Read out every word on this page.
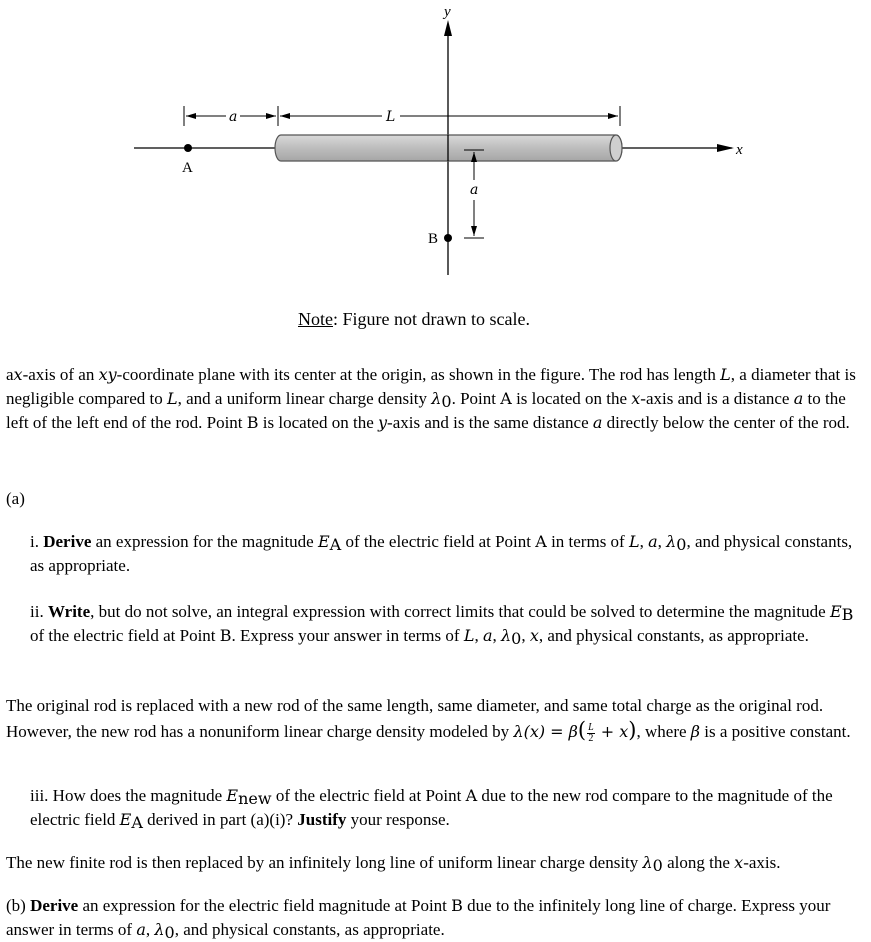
a	L
A
a
B
y
x
Note: Figure not drawn to scale.

ax-axis of an xy-coordinate plane with its center at the origin, as shown in the figure. The rod has length L, a diameter that is negligible compared to L, and a uniform linear charge density $\lambda_0$. Point A is located on the x-axis and is a distance a to the left of the left end of the rod. Point B is located on the y-axis and is the same distance a directly below the center of the rod.

(a)

i. Derive an expression for the magnitude $E_A$ of the electric field at Point A in terms of L, a, $\lambda_0$, and physical constants, as appropriate.

ii. Write, but do not solve, an integral expression with correct limits that could be solved to determine the magnitude $E_B$ of the electric field at Point B. Express your answer in terms of L, a, $\lambda_0$, x, and physical constants, as appropriate.

The original rod is replaced with a new rod of the same length, same diameter, and same total charge as the original rod. However, the new rod has a nonuniform linear charge density modeled by $\lambda(x) = \beta( \frac{L}{2} + x)$, where β is a positive constant.

iii. How does the magnitude $E_{new}$ of the electric field at Point A due to the new rod compare to the magnitude of the electric field $E_A$ derived in part (a)(i)? Justify your response.

The new finite rod is then replaced by an infinitely long line of uniform linear charge density $\lambda_0$ along the x-axis.

(b) Derive an expression for the electric field magnitude at Point B due to the infinitely long line of charge. Express your answer in terms of a, $\lambda_0$, and physical constants, as appropriate.
